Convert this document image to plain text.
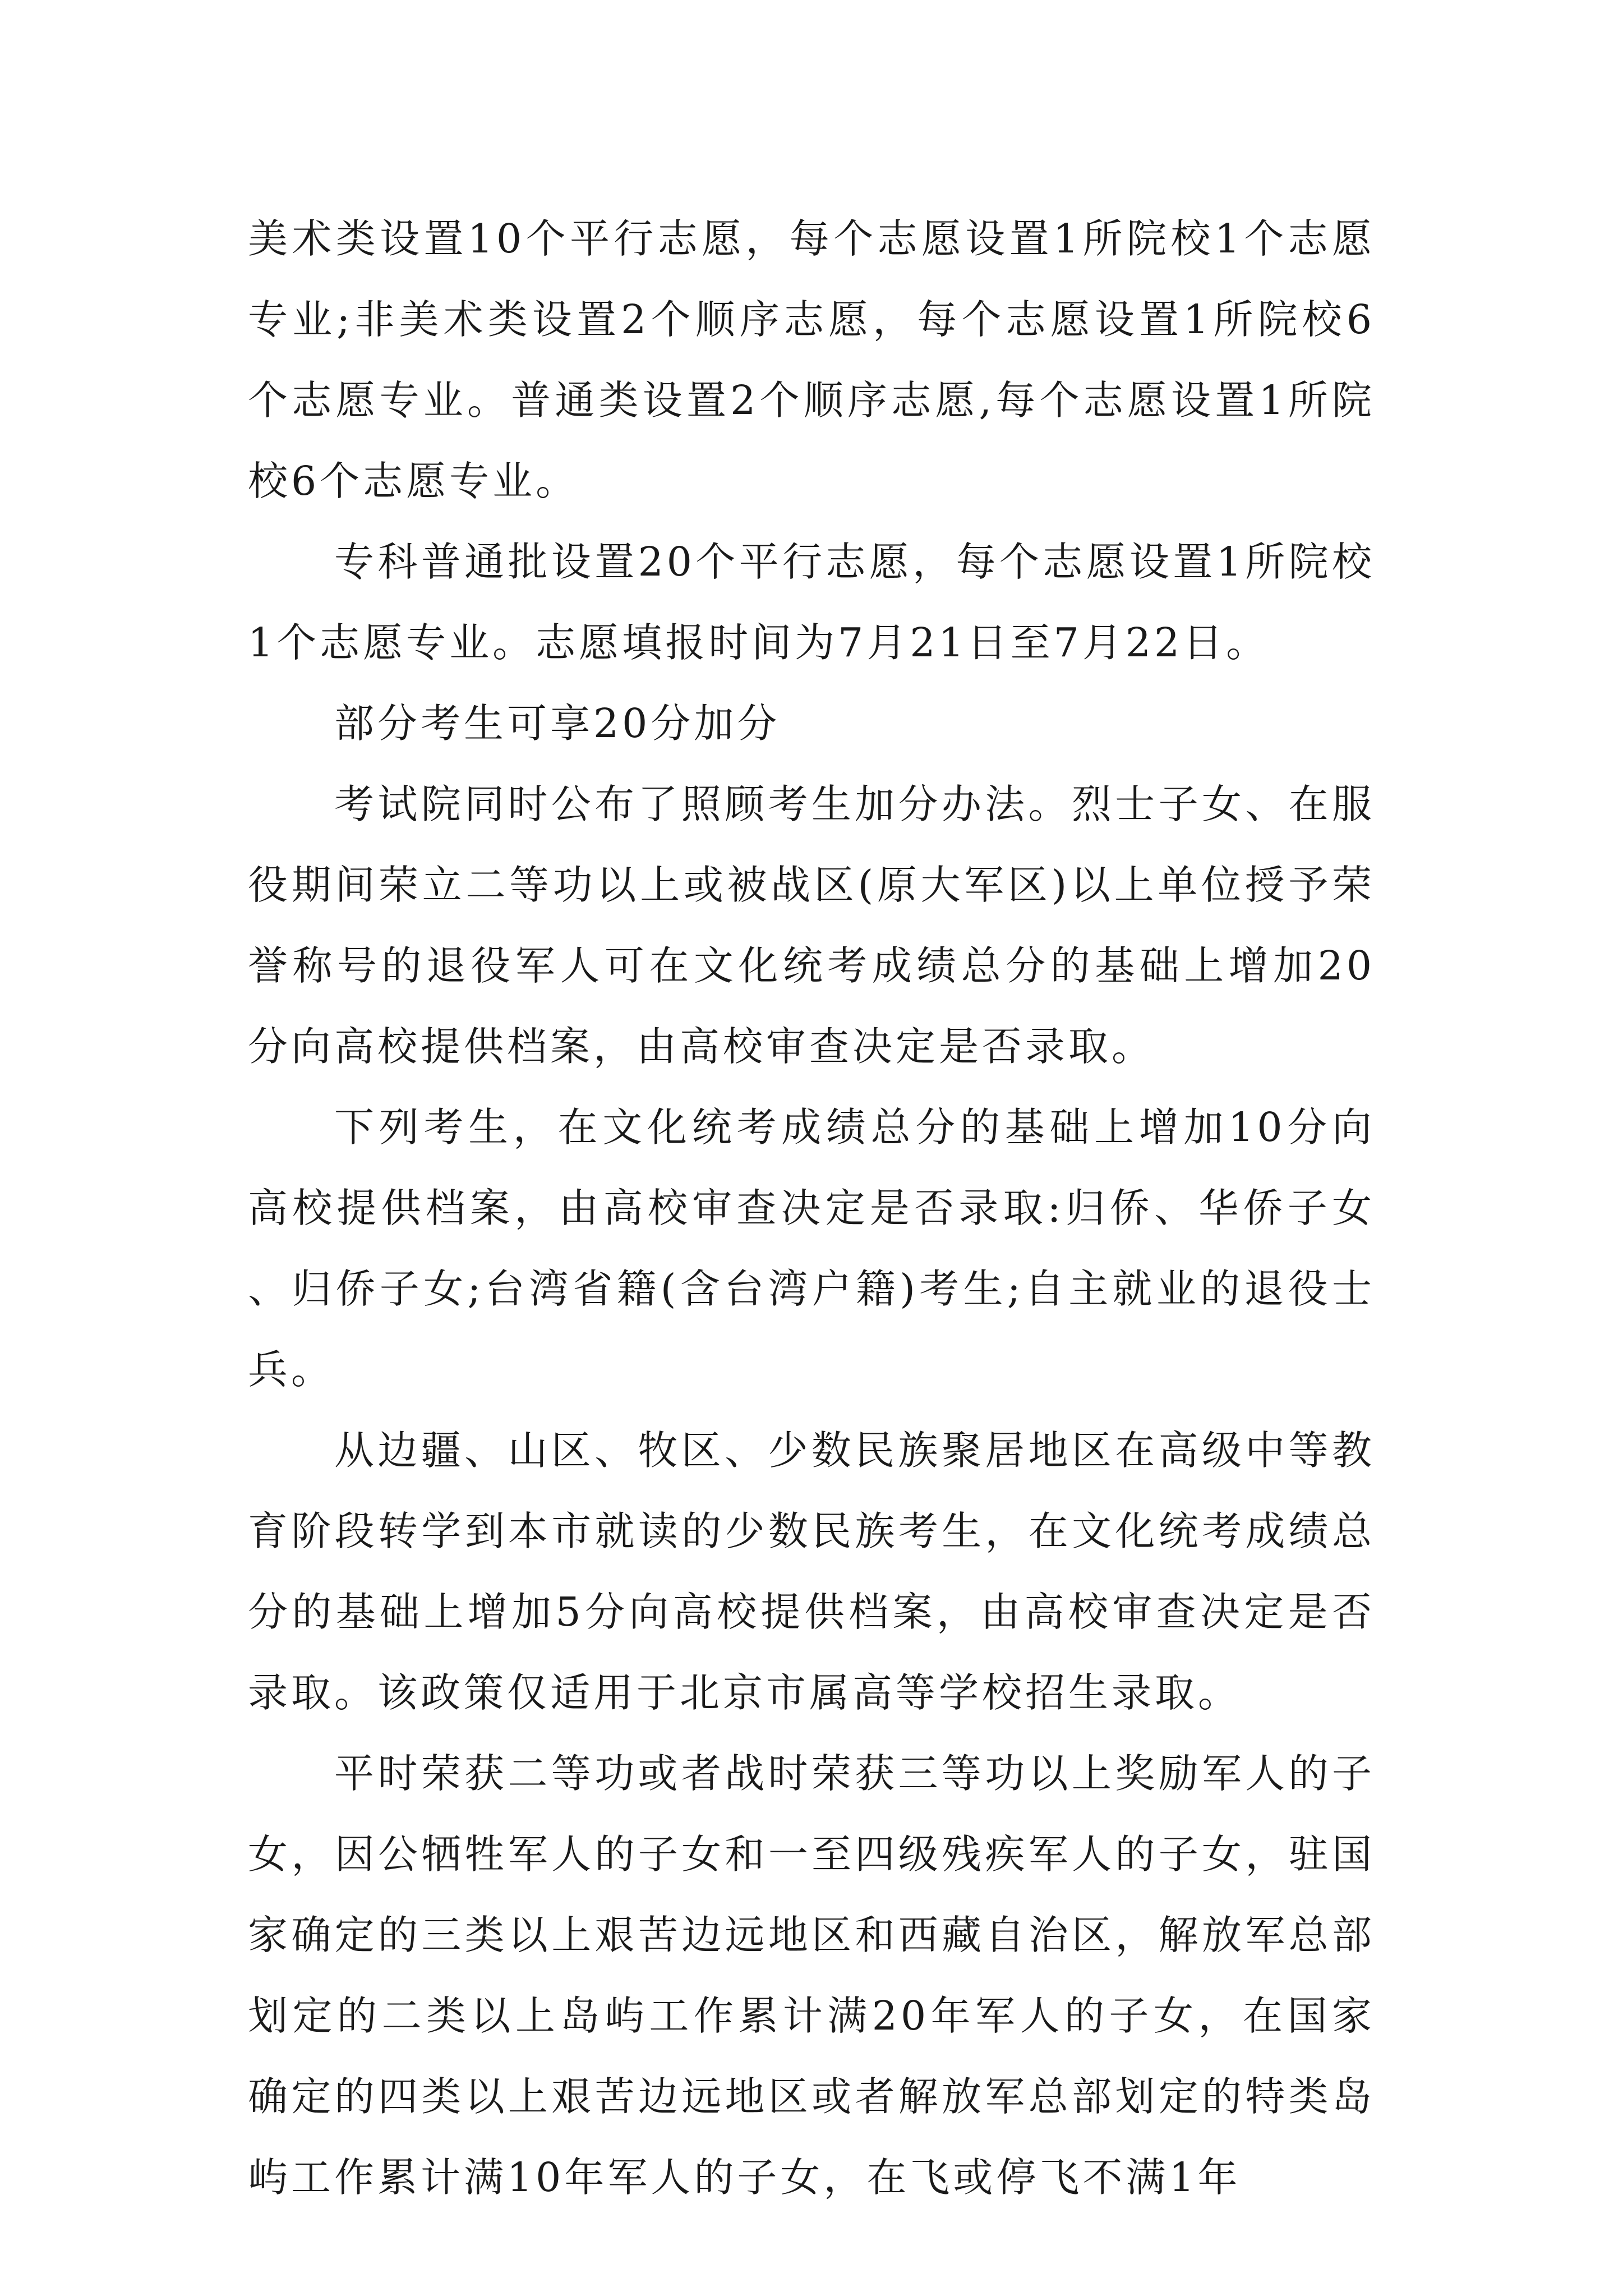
美术类设置10个平行志愿，每个志愿设置1所院校1个志愿专业;非美术类设置2个顺序志愿，每个志愿设置1所院校6个志愿专业。普通类设置2个顺序志愿,每个志愿设置1所院校6个志愿专业。

专科普通批设置20个平行志愿，每个志愿设置1所院校1个志愿专业。志愿填报时间为7月21日至7月22日。

部分考生可享20分加分

考试院同时公布了照顾考生加分办法。烈士子女、在服役期间荣立二等功以上或被战区(原大军区)以上单位授予荣誉称号的退役军人可在文化统考成绩总分的基础上增加20分向高校提供档案，由高校审查决定是否录取。

下列考生，在文化统考成绩总分的基础上增加10分向高校提供档案，由高校审查决定是否录取:归侨、华侨子女、归侨子女;台湾省籍(含台湾户籍)考生;自主就业的退役士兵。

从边疆、山区、牧区、少数民族聚居地区在高级中等教育阶段转学到本市就读的少数民族考生，在文化统考成绩总分的基础上增加5分向高校提供档案，由高校审查决定是否录取。该政策仅适用于北京市属高等学校招生录取。

平时荣获二等功或者战时荣获三等功以上奖励军人的子女，因公牺牲军人的子女和一至四级残疾军人的子女，驻国家确定的三类以上艰苦边远地区和西藏自治区，解放军总部划定的二类以上岛屿工作累计满20年军人的子女，在国家确定的四类以上艰苦边远地区或者解放军总部划定的特类岛屿工作累计满10年军人的子女，在飞或停飞不满1年
